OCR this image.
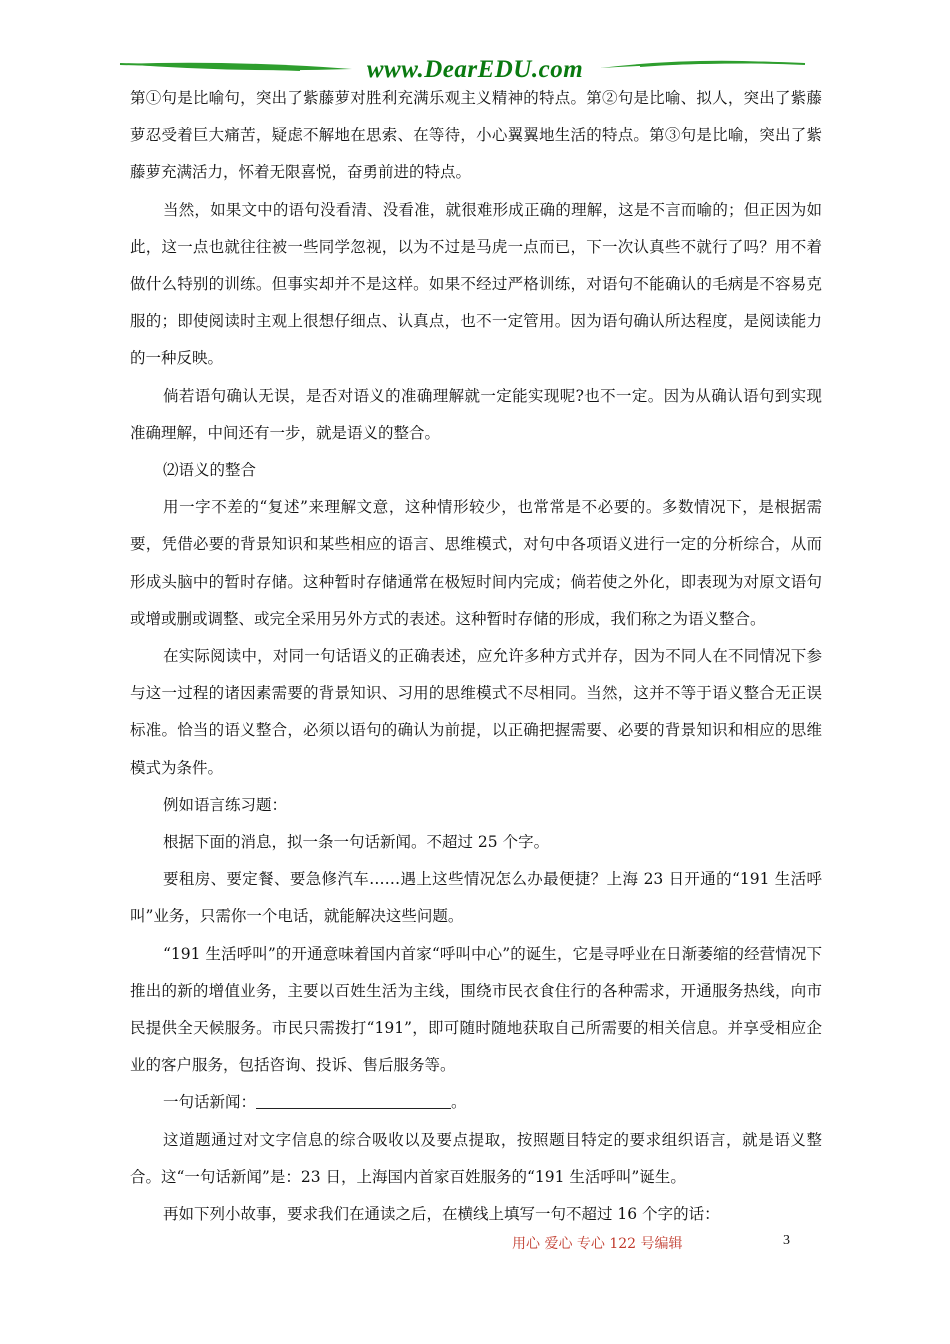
www.DearEDU.com

第①句是比喻句，突出了紫藤萝对胜利充满乐观主义精神的特点。第②句是比喻、拟人，突出了紫藤萝忍受着巨大痛苦，疑虑不解地在思索、在等待，小心翼翼地生活的特点。第③句是比喻，突出了紫藤萝充满活力，怀着无限喜悦，奋勇前进的特点。

当然，如果文中的语句没看清、没看准，就很难形成正确的理解，这是不言而喻的；但正因为如此，这一点也就往往被一些同学忽视，以为不过是马虎一点而已，下一次认真些不就行了吗？用不着做什么特别的训练。但事实却并不是这样。如果不经过严格训练，对语句不能确认的毛病是不容易克服的；即使阅读时主观上很想仔细点、认真点，也不一定管用。因为语句确认所达程度，是阅读能力的一种反映。

倘若语句确认无误，是否对语义的准确理解就一定能实现呢?也不一定。因为从确认语句到实现准确理解，中间还有一步，就是语义的整合。

⑵语义的整合

用一字不差的“复述”来理解文意，这种情形较少，也常常是不必要的。多数情况下，是根据需要，凭借必要的背景知识和某些相应的语言、思维模式，对句中各项语义进行一定的分析综合，从而形成头脑中的暂时存储。这种暂时存储通常在极短时间内完成；倘若使之外化，即表现为对原文语句或增或删或调整、或完全采用另外方式的表述。这种暂时存储的形成，我们称之为语义整合。

在实际阅读中，对同一句话语义的正确表述，应允许多种方式并存，因为不同人在不同情况下参与这一过程的诸因素需要的背景知识、习用的思维模式不尽相同。当然，这并不等于语义整合无正误标准。恰当的语义整合，必须以语句的确认为前提，以正确把握需要、必要的背景知识和相应的思维模式为条件。

例如语言练习题：

根据下面的消息，拟一条一句话新闻。不超过 25 个字。

要租房、要定餐、要急修汽车……遇上这些情况怎么办最便捷？上海 23 日开通的“191 生活呼叫”业务，只需你一个电话，就能解决这些问题。

“191 生活呼叫”的开通意味着国内首家“呼叫中心”的诞生，它是寻呼业在日渐萎缩的经营情况下推出的新的增值业务，主要以百姓生活为主线，围绕市民衣食住行的各种需求，开通服务热线，向市民提供全天候服务。市民只需拨打“191”，即可随时随地获取自己所需要的相关信息。并享受相应企业的客户服务，包括咨询、投诉、售后服务等。

一句话新闻：	。

这道题通过对文字信息的综合吸收以及要点提取，按照题目特定的要求组织语言，就是语义整合。这“一句话新闻”是：23 日，上海国内首家百姓服务的“191 生活呼叫”诞生。

再如下列小故事，要求我们在通读之后，在横线上填写一句不超过 16 个字的话：

用心 爱心 专心 122 号编辑	3
